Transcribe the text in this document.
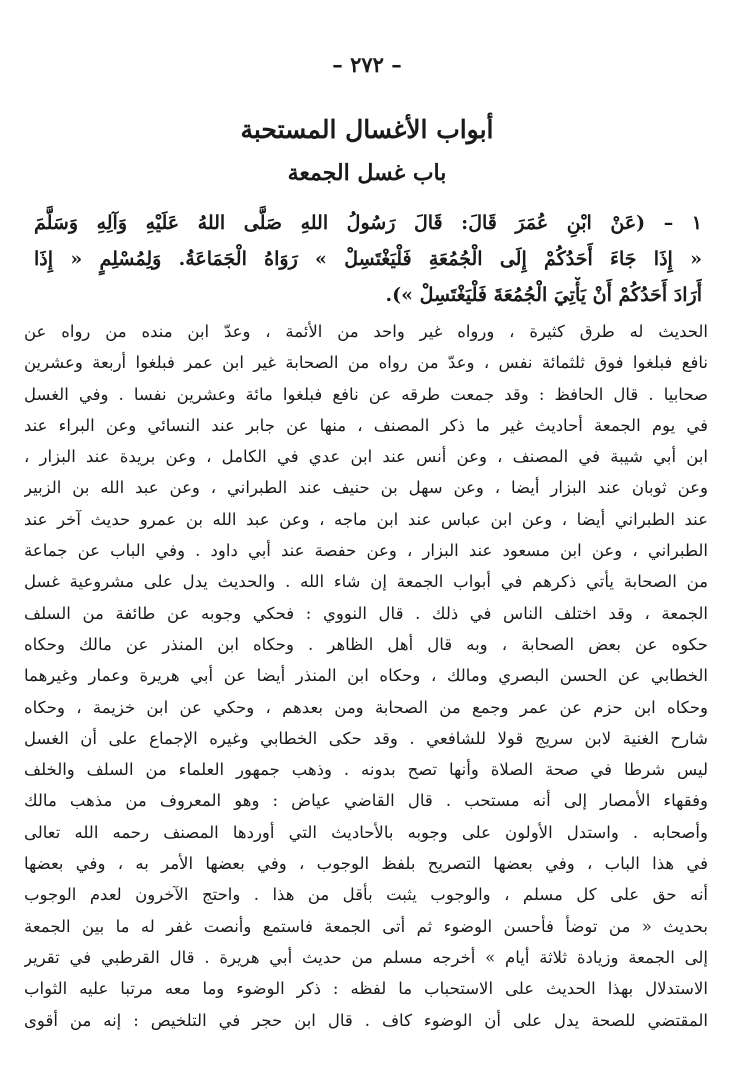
– ٢٧٢ –
أبواب الأغسال المستحبة
باب غسل الجمعة
١ – (عَنْ ابْنِ عُمَرَ قَالَ: قَالَ رَسُولُ اللهِ صَلَّى اللهُ عَلَيْهِ وَآلِهِ وَسَلَّمَ
« إِذَا جَاءَ أَحَدُكُمْ إِلَى الْجُمُعَةِ فَلْيَغْتَسِلْ » رَوَاهُ الْجَمَاعَةُ. وَلِمُسْلِمٍ « إِذَا
أَرَادَ أَحَدُكُمْ أَنْ يَأْتِيَ الْجُمُعَةَ فَلْيَغْتَسِلْ »).
الحديث له طرق كثيرة ، ورواه غير واحد من الأئمة ، وعدّ ابن منده من رواه عن
نافع فبلغوا فوق ثلثمائة نفس ، وعدّ من رواه من الصحابة غير ابن عمر فبلغوا أربعة وعشرين
صحابيا . قال الحافظ : وقد جمعت طرقه عن نافع فبلغوا مائة وعشرين نفسا . وفي الغسل
في يوم الجمعة أحاديث غير ما ذكر المصنف ، منها عن جابر عند النسائي وعن البراء عند
ابن أبي شيبة في المصنف ، وعن أنس عند ابن عدي في الكامل ، وعن بريدة عند البزار ،
وعن ثوبان عند البزار أيضا ، وعن سهل بن حنيف عند الطبراني ، وعن عبد الله بن الزبير
عند الطبراني أيضا ، وعن ابن عباس عند ابن ماجه ، وعن عبد الله بن عمرو حديث آخر عند
الطبراني ، وعن ابن مسعود عند البزار ، وعن حفصة عند أبي داود . وفي الباب عن جماعة
من الصحابة يأتي ذكرهم في أبواب الجمعة إن شاء الله . والحديث يدل على مشروعية غسل
الجمعة ، وقد اختلف الناس في ذلك . قال النووي : فحكي وجوبه عن طائفة من السلف
حكوه عن بعض الصحابة ، وبه قال أهل الظاهر . وحكاه ابن المنذر عن مالك وحكاه
الخطابي عن الحسن البصري ومالك ، وحكاه ابن المنذر أيضا عن أبي هريرة وعمار وغيرهما
وحكاه ابن حزم عن عمر وجمع من الصحابة ومن بعدهم ، وحكي عن ابن خزيمة ، وحكاه
شارح الغنية لابن سريج قولا للشافعي . وقد حكى الخطابي وغيره الإجماع على أن الغسل
ليس شرطا في صحة الصلاة وأنها تصح بدونه . وذهب جمهور العلماء من السلف والخلف
وفقهاء الأمصار إلى أنه مستحب . قال القاضي عياض : وهو المعروف من مذهب مالك
وأصحابه . واستدل الأولون على وجوبه بالأحاديث التي أوردها المصنف رحمه الله تعالى
في هذا الباب ، وفي بعضها التصريح بلفظ الوجوب ، وفي بعضها الأمر به ، وفي بعضها
أنه حق على كل مسلم ، والوجوب يثبت بأقل من هذا . واحتج الآخرون لعدم الوجوب
بحديث « من توضأ فأحسن الوضوء ثم أتى الجمعة فاستمع وأنصت غفر له ما بين الجمعة
إلى الجمعة وزيادة ثلاثة أيام » أخرجه مسلم من حديث أبي هريرة . قال القرطبي في تقرير
الاستدلال بهذا الحديث على الاستحباب ما لفظه : ذكر الوضوء وما معه مرتبا عليه الثواب
المقتضي للصحة يدل على أن الوضوء كاف . قال ابن حجر في التلخيص : إنه من أقوى
